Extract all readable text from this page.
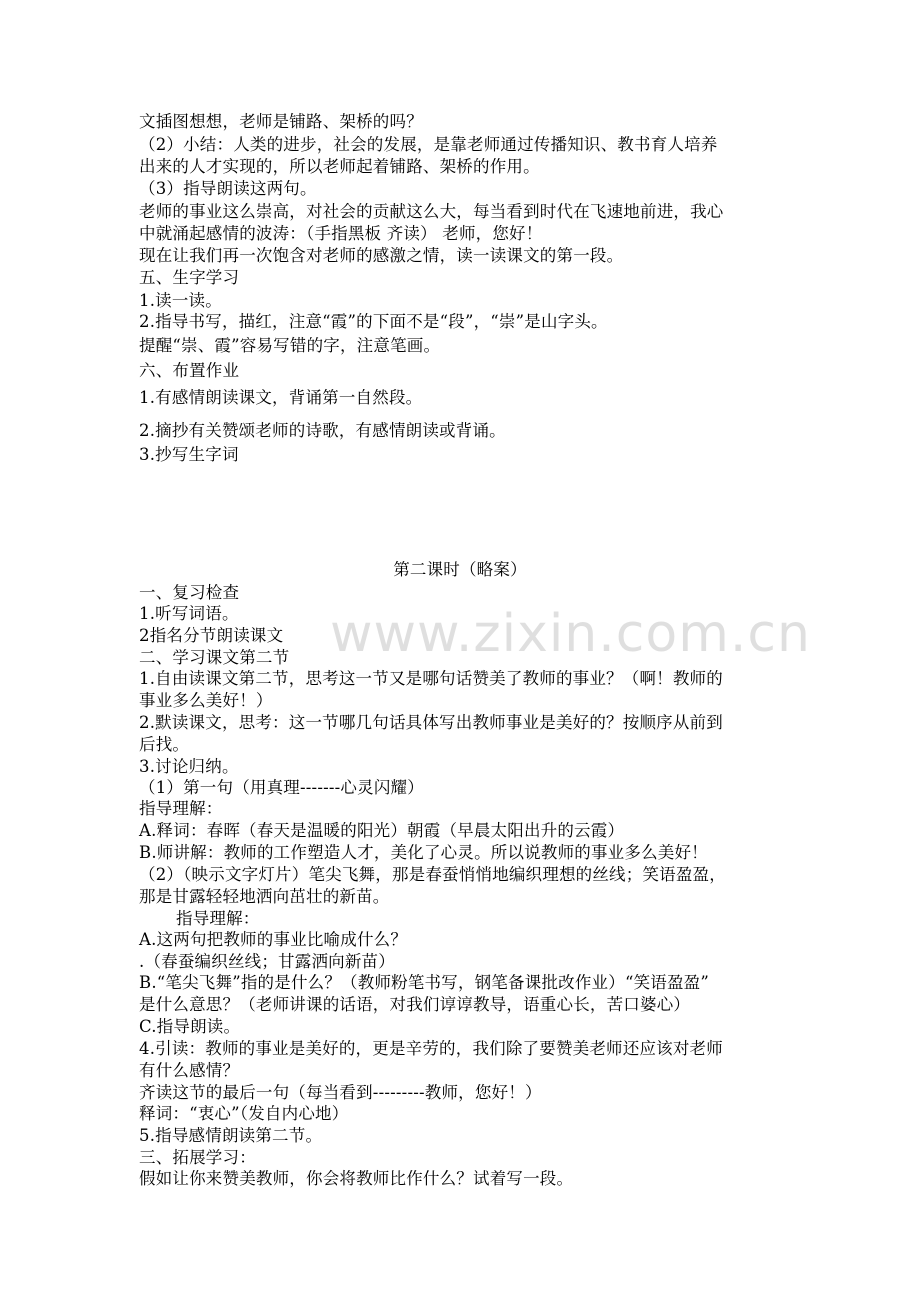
文插图想想，老师是铺路、架桥的吗？
（2）小结：人类的进步，社会的发展，是靠老师通过传播知识、教书育人培养
出来的人才实现的，所以老师起着铺路、架桥的作用。
（3）指导朗读这两句。
老师的事业这么崇高，对社会的贡献这么大，每当看到时代在飞速地前进，我心
中就涌起感情的波涛：（手指黑板 齐读） 老师，您好！
现在让我们再一次饱含对老师的感激之情，读一读课文的第一段。
五、生字学习
1.读一读。
2.指导书写，描红，注意“霞”的下面不是“段”，“崇”是山字头。
提醒“崇、霞”容易写错的字，注意笔画。
六、布置作业
1.有感情朗读课文，背诵第一自然段。
2.摘抄有关赞颂老师的诗歌，有感情朗读或背诵。
3.抄写生字词
第二课时（略案）
一、复习检查
1.听写词语。
2指名分节朗读课文
二、学习课文第二节
1.自由读课文第二节，思考这一节又是哪句话赞美了教师的事业？（啊！教师的
事业多么美好！）
2.默读课文，思考：这一节哪几句话具体写出教师事业是美好的？按顺序从前到
后找。
3.讨论归纳。
（1）第一句（用真理-------心灵闪耀）
指导理解：
A.释词：春晖（春天是温暖的阳光）朝霞（早晨太阳出升的云霞）
B.师讲解：教师的工作塑造人才，美化了心灵。所以说教师的事业多么美好！
（2）（映示文字灯片）笔尖飞舞，那是春蚕悄悄地编织理想的丝线；笑语盈盈，
那是甘露轻轻地洒向茁壮的新苗。
指导理解：
A.这两句把教师的事业比喻成什么？
.（春蚕编织丝线；甘露洒向新苗）
B.“笔尖飞舞”指的是什么？（教师粉笔书写，钢笔备课批改作业）“笑语盈盈”
是什么意思？（老师讲课的话语，对我们谆谆教导，语重心长，苦口婆心）
C.指导朗读。
4.引读：教师的事业是美好的，更是辛劳的，我们除了要赞美老师还应该对老师
有什么感情？
齐读这节的最后一句（每当看到---------教师，您好！）
释词：“衷心”（发自内心地）
5.指导感情朗读第二节。
三、拓展学习：
假如让你来赞美教师，你会将教师比作什么？试着写一段。
www.zixin.com.cn
